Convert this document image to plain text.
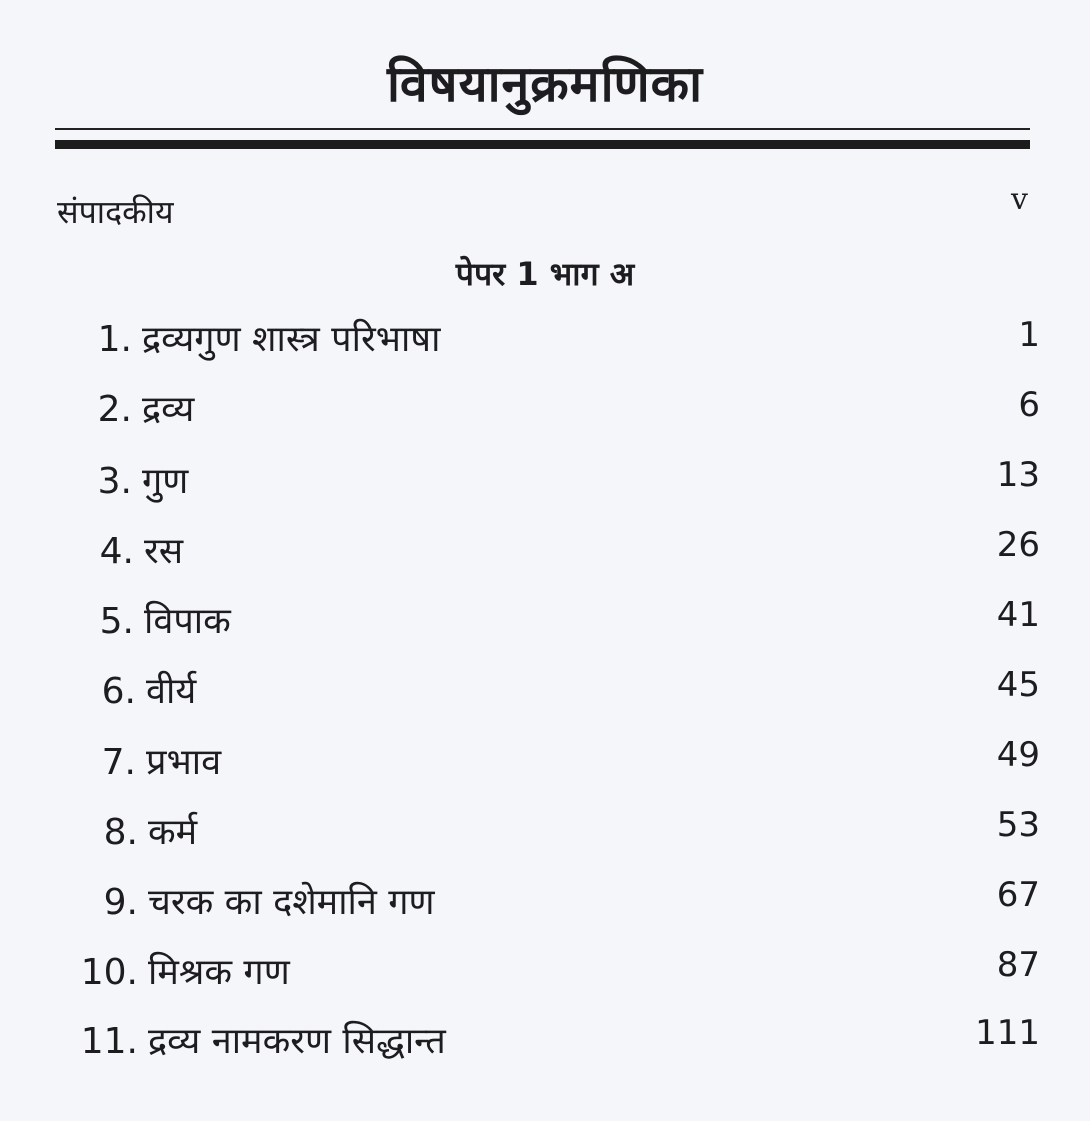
विषयानुक्रमणिका
संपादकीय	v
पेपर 1 भाग अ
1. द्रव्यगुण शास्त्र परिभाषा	1
2. द्रव्य	6
3. गुण	13
4. रस	26
5. विपाक	41
6. वीर्य	45
7. प्रभाव	49
8. कर्म	53
9. चरक का दशेमानि गण	67
10. मिश्रक गण	87
11. द्रव्य नामकरण सिद्धान्त	111
